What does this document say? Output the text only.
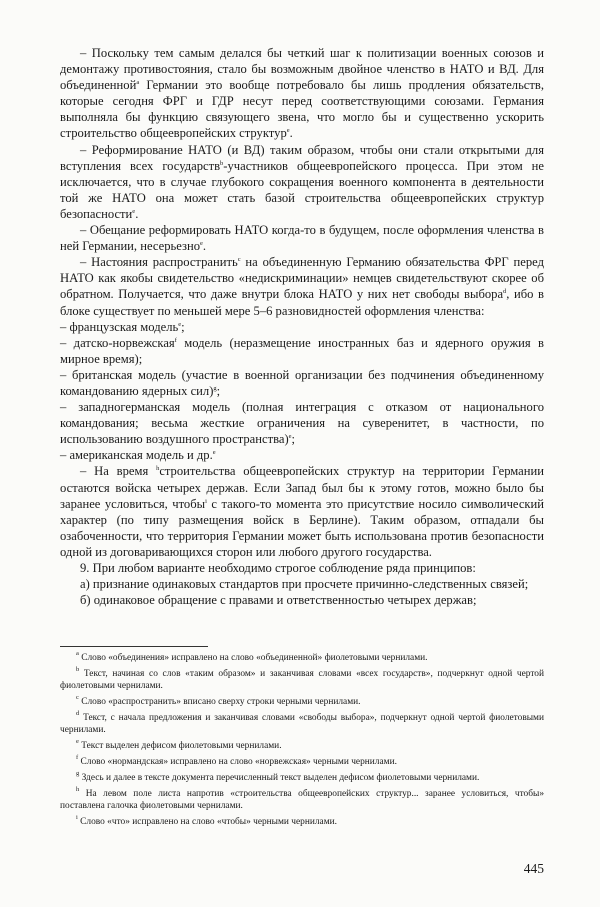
– Поскольку тем самым делался бы четкий шаг к политизации военных союзов и демонтажу противостояния, стало бы возможным двойное членство в НАТО и ВД. Для объединенной$^a$ Германии это вообще потребовало бы лишь продления обязательств, которые сегодня ФРГ и ГДР несут перед соответствующими союзами. Германия выполняла бы функцию связующего звена, что могло бы и существенно ускорить строительство общеевропейских структур$^e$.

– Реформирование НАТО (и ВД) таким образом, чтобы они стали открытыми для вступления всех государств$^b$-участников общеевропейского процесса. При этом не исключается, что в случае глубокого сокращения военного компонента в деятельности той же НАТО она может стать базой строительства общеевропейских структур безопасности$^e$.

– Обещание реформировать НАТО когда-то в будущем, после оформления членства в ней Германии, несерьезно$^e$.

– Настояния распространить$^c$ на объединенную Германию обязательства ФРГ перед НАТО как якобы свидетельство «недискриминации» немцев свидетельствуют скорее об обратном. Получается, что даже внутри блока НАТО у них нет свободы выбора$^d$, ибо в блоке существует по меньшей мере 5–6 разновидностей оформления членства:

– французская модель$^e$;

– датско-норвежская$^f$ модель (неразмещение иностранных баз и ядерного оружия в мирное время);

– британская модель (участие в военной организации без подчинения объединенному командованию ядерных сил)$^g$;

– западногерманская модель (полная интеграция с отказом от национального командования; весьма жесткие ограничения на суверенитет, в частности, по использованию воздушного пространства)$^e$;

– американская модель и др.$^e$

– На время $^h$строительства общеевропейских структур на территории Германии остаются войска четырех держав. Если Запад был бы к этому готов, можно было бы заранее условиться, чтобы$^i$ с такого-то момента это присутствие носило символический характер (по типу размещения войск в Берлине). Таким образом, отпадали бы озабоченности, что территория Германии может быть использована против безопасности одной из договаривающихся сторон или любого другого государства.

9. При любом варианте необходимо строгое соблюдение ряда принципов:

а) признание одинаковых стандартов при просчете причинно-следственных связей;

б) одинаковое обращение с правами и ответственностью четырех держав;

$^a$ Слово «объединения» исправлено на слово «объединенной» фиолетовыми чернилами.

$^b$ Текст, начиная со слов «таким образом» и заканчивая словами «всех государств», подчеркнут одной чертой фиолетовыми чернилами.

$^c$ Слово «распространить» вписано сверху строки черными чернилами.

$^d$ Текст, с начала предложения и заканчивая словами «свободы выбора», подчеркнут одной чертой фиолетовыми чернилами.

$^e$ Текст выделен дефисом фиолетовыми чернилами.

$^f$ Слово «нормандская» исправлено на слово «норвежская» черными чернилами.

$^g$ Здесь и далее в тексте документа перечисленный текст выделен дефисом фиолетовыми чернилами.

$^h$ На левом поле листа напротив «строительства общеевропейских структур... заранее условиться, чтобы» поставлена галочка фиолетовыми чернилами.

$^i$ Слово «что» исправлено на слово «чтобы» черными чернилами.

445
